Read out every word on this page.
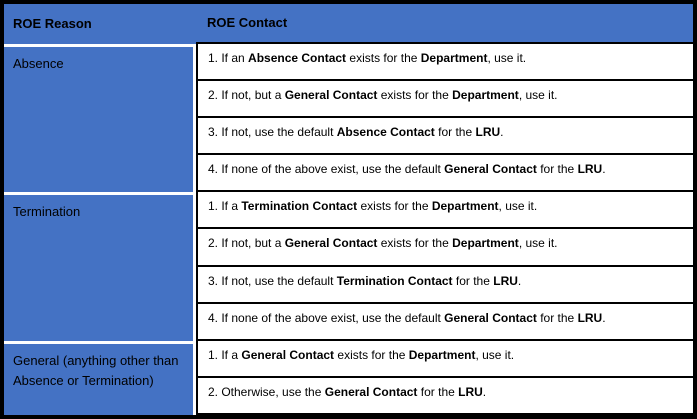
ROE Reason	ROE Contact
Absence	1. If an Absence Contact exists for the Department, use it.
	2. If not, but a General Contact exists for the Department, use it.
	3. If not, use the default Absence Contact for the LRU.
	4. If none of the above exist, use the default General Contact for the LRU.
Termination	1. If a Termination Contact exists for the Department, use it.
	2. If not, but a General Contact exists for the Department, use it.
	3. If not, use the default Termination Contact for the LRU.
	4. If none of the above exist, use the default General Contact for the LRU.
General (anything other than Absence or Termination)	1. If a General Contact exists for the Department, use it.
	2. Otherwise, use the General Contact for the LRU.
